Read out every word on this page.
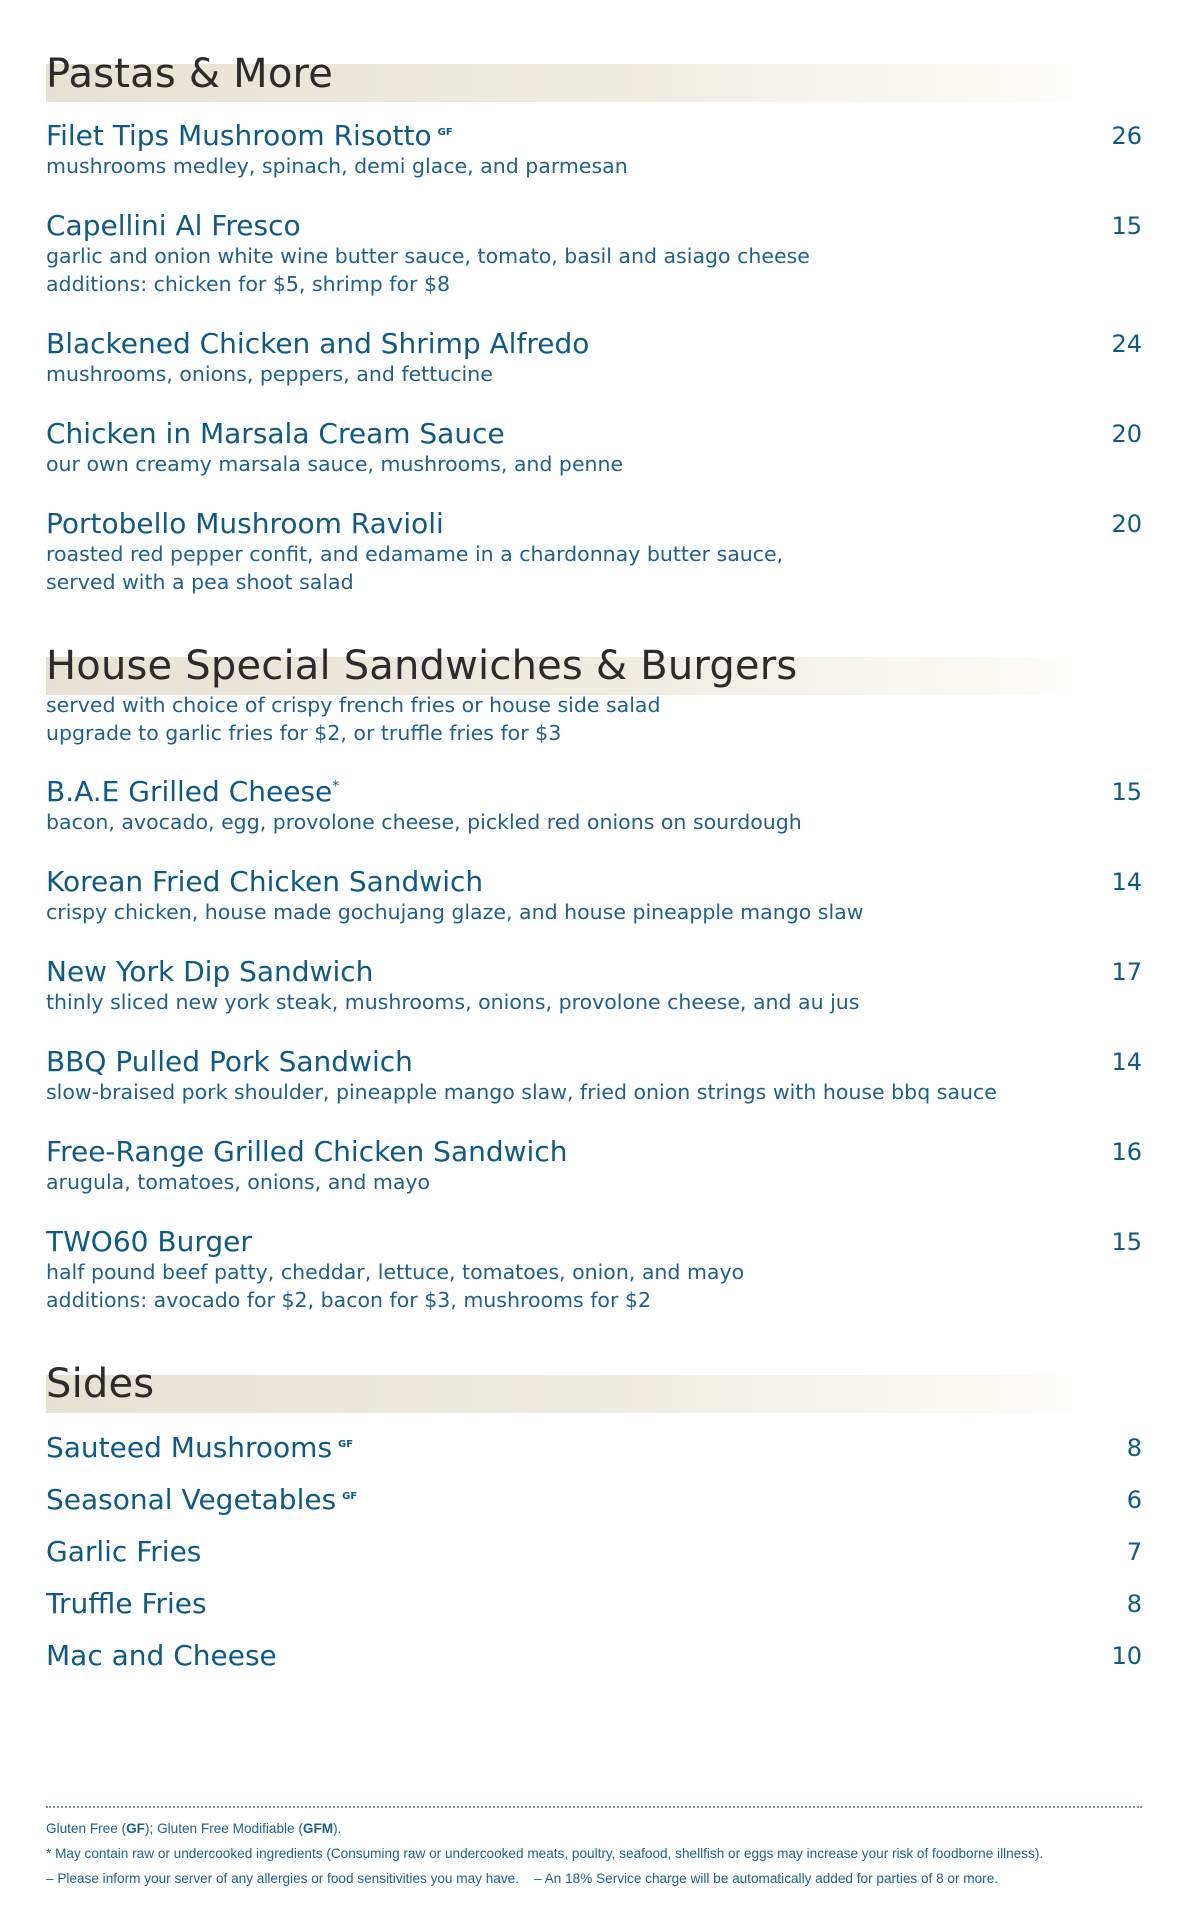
Pastas & More
Filet Tips Mushroom Risotto $^{GF}$	26
mushrooms medley, spinach, demi glace, and parmesan
Capellini Al Fresco	15
garlic and onion white wine butter sauce, tomato, basil and asiago cheese
additions: chicken for $5, shrimp for $8
Blackened Chicken and Shrimp Alfredo	24
mushrooms, onions, peppers, and fettucine
Chicken in Marsala Cream Sauce	20
our own creamy marsala sauce, mushrooms, and penne
Portobello Mushroom Ravioli	20
roasted red pepper confit, and edamame in a chardonnay butter sauce,
served with a pea shoot salad
House Special Sandwiches & Burgers
served with choice of crispy french fries or house side salad
upgrade to garlic fries for $2, or truffle fries for $3
B.A.E Grilled Cheese*	15
bacon, avocado, egg, provolone cheese, pickled red onions on sourdough
Korean Fried Chicken Sandwich	14
crispy chicken, house made gochujang glaze, and house pineapple mango slaw
New York Dip Sandwich	17
thinly sliced new york steak, mushrooms, onions, provolone cheese, and au jus
BBQ Pulled Pork Sandwich	14
slow-braised pork shoulder, pineapple mango slaw, fried onion strings with house bbq sauce
Free-Range Grilled Chicken Sandwich	16
arugula, tomatoes, onions, and mayo
TWO60 Burger	15
half pound beef patty, cheddar, lettuce, tomatoes, onion, and mayo
additions: avocado for $2, bacon for $3, mushrooms for $2
Sides
Sauteed Mushrooms $^{GF}$	8
Seasonal Vegetables $^{GF}$	6
Garlic Fries	7
Truffle Fries	8
Mac and Cheese	10
Gluten Free (GF); Gluten Free Modifiable (GFM).
* May contain raw or undercooked ingredients (Consuming raw or undercooked meats, poultry, seafood, shellfish or eggs may increase your risk of foodborne illness).
– Please inform your server of any allergies or food sensitivities you may have. – An 18% Service charge will be automatically added for parties of 8 or more.
